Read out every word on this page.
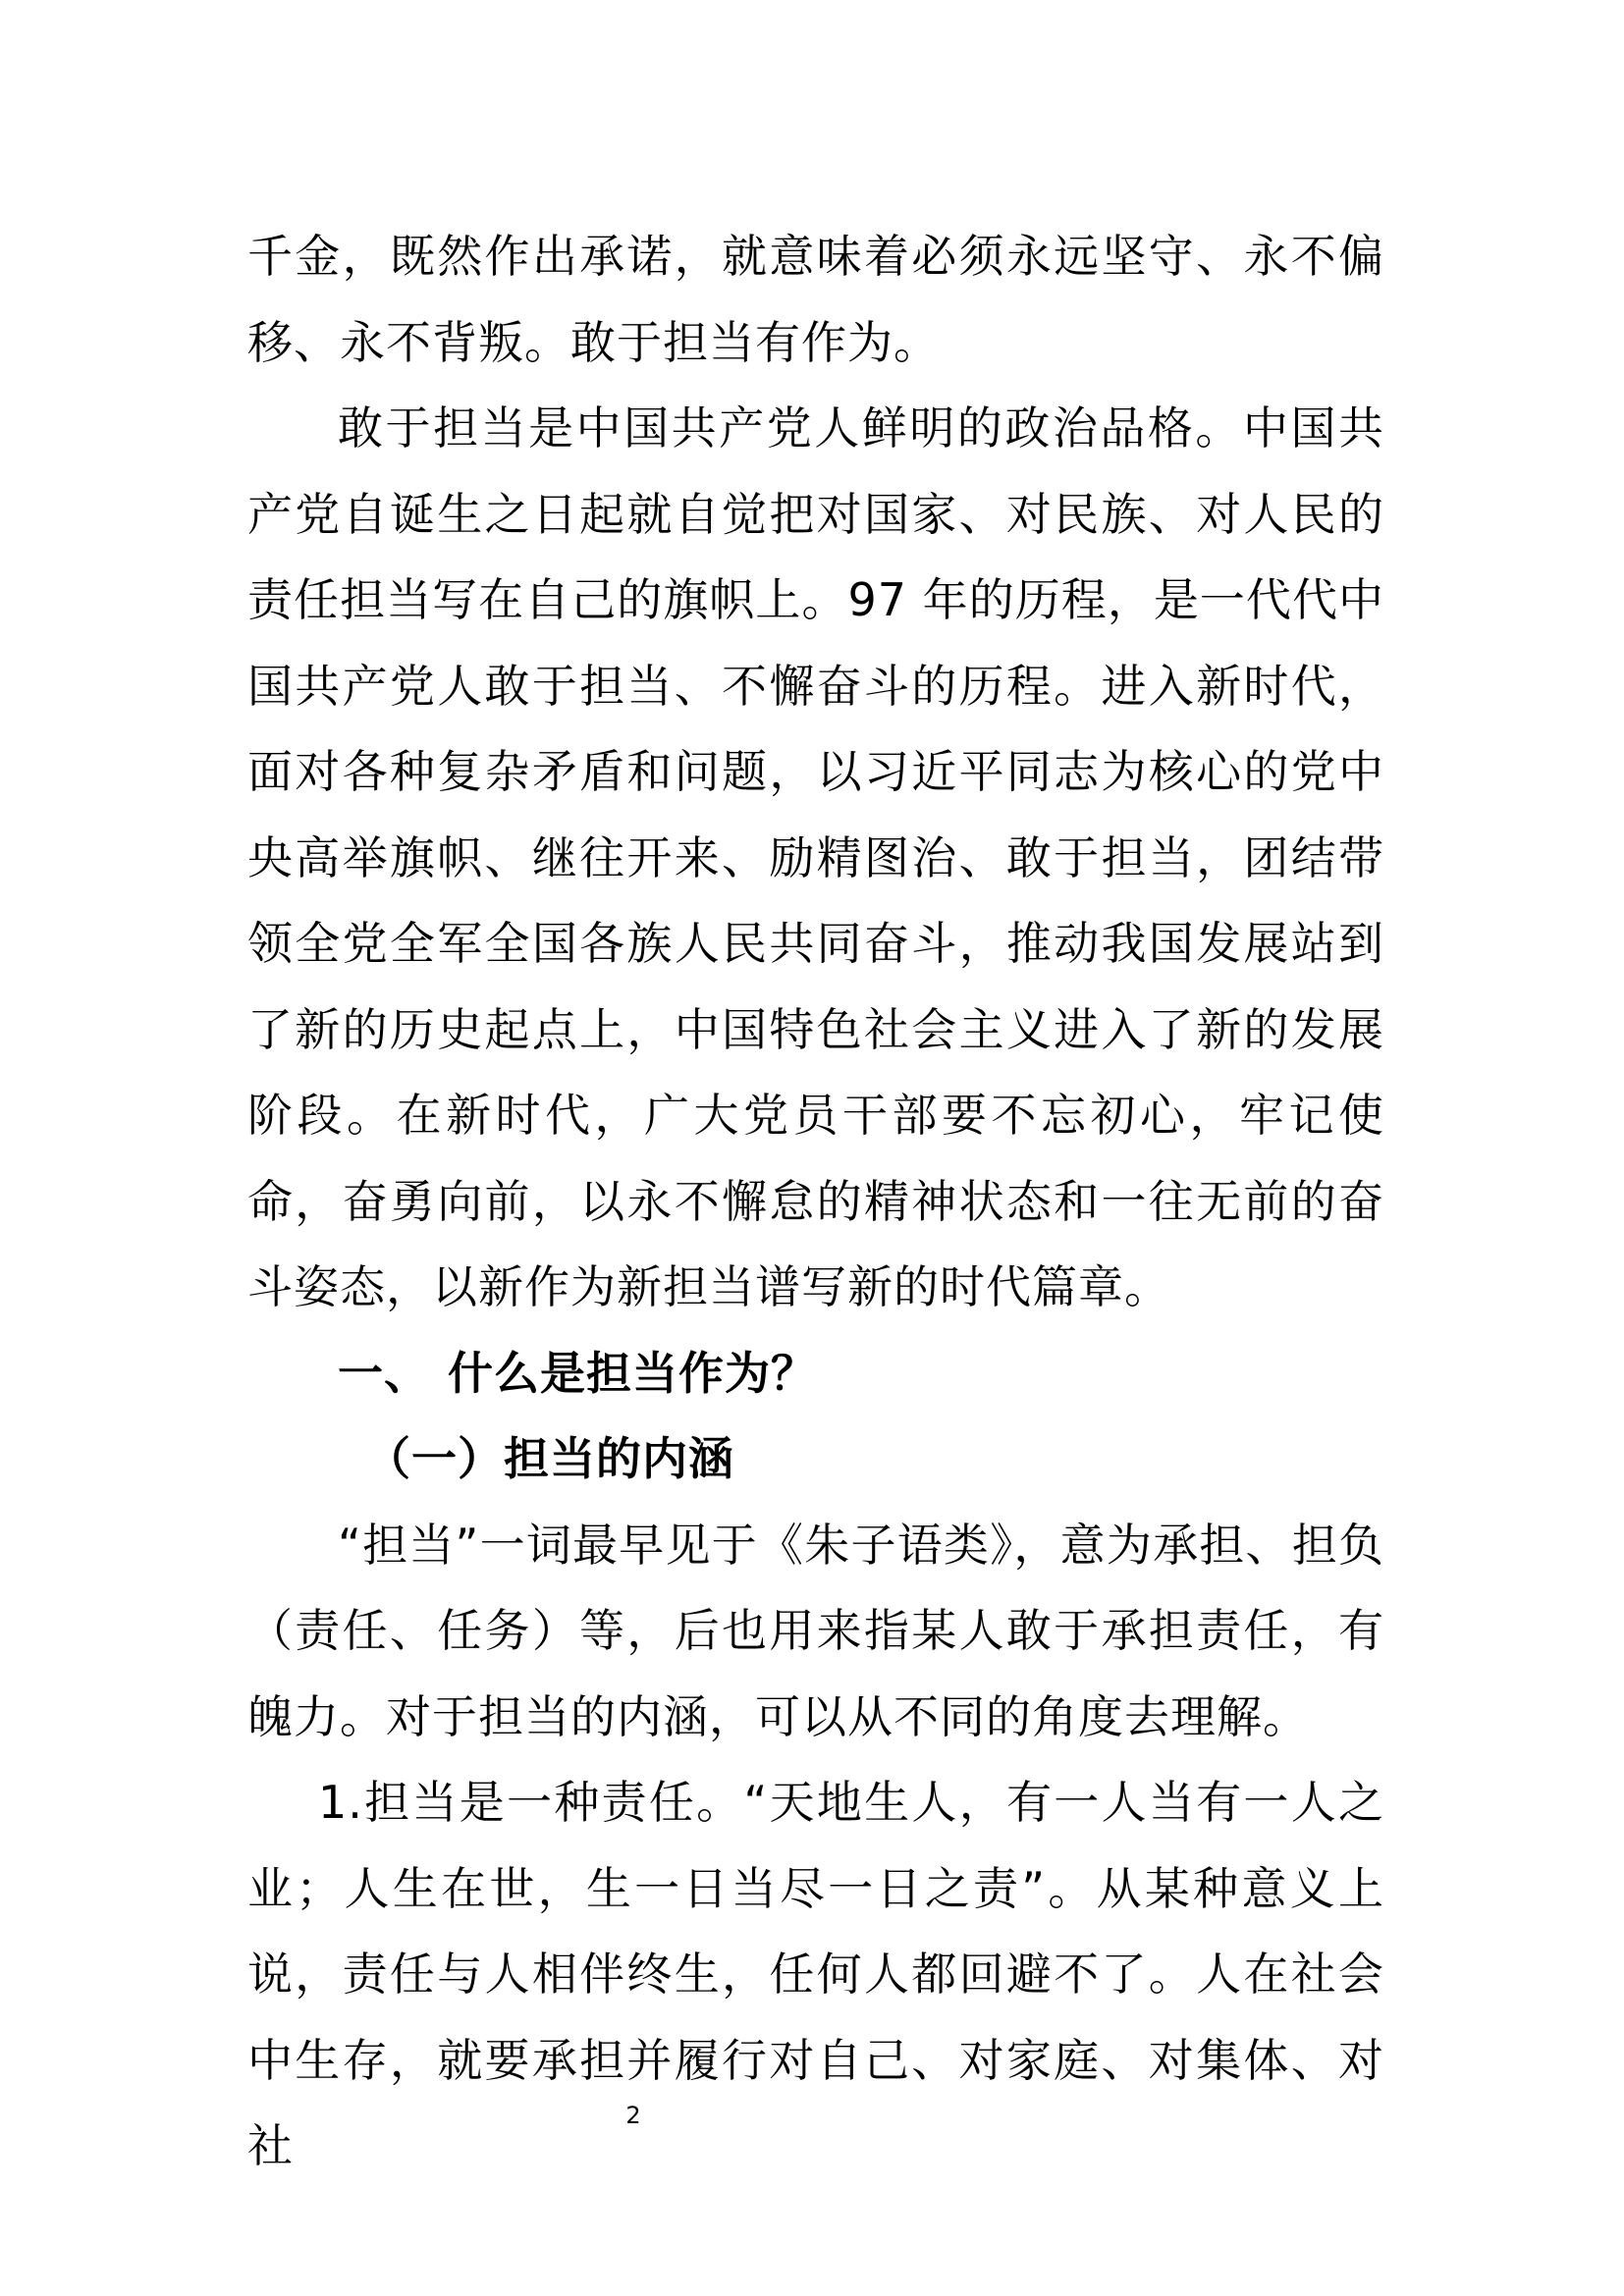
千金，既然作出承诺，就意味着必须永远坚守、永不偏移、永不背叛。敢于担当有作为。

敢于担当是中国共产党人鲜明的政治品格。中国共产党自诞生之日起就自觉把对国家、对民族、对人民的责任担当写在自己的旗帜上。97 年的历程，是一代代中国共产党人敢于担当、不懈奋斗的历程。进入新时代，面对各种复杂矛盾和问题，以习近平同志为核心的党中央高举旗帜、继往开来、励精图治、敢于担当，团结带领全党全军全国各族人民共同奋斗，推动我国发展站到了新的历史起点上，中国特色社会主义进入了新的发展阶段。在新时代，广大党员干部要不忘初心，牢记使命，奋勇向前，以永不懈怠的精神状态和一往无前的奋斗姿态，以新作为新担当谱写新的时代篇章。

一、 什么是担当作为？
（一）担当的内涵

“担当”一词最早见于《朱子语类》，意为承担、担负（责任、任务）等，后也用来指某人敢于承担责任，有魄力。对于担当的内涵，可以从不同的角度去理解。

1.担当是一种责任。“天地生人，有一人当有一人之业；人生在世，生一日当尽一日之责”。从某种意义上说，责任与人相伴终生，任何人都回避不了。人在社会中生存，就要承担并履行对自己、对家庭、对集体、对社

2
